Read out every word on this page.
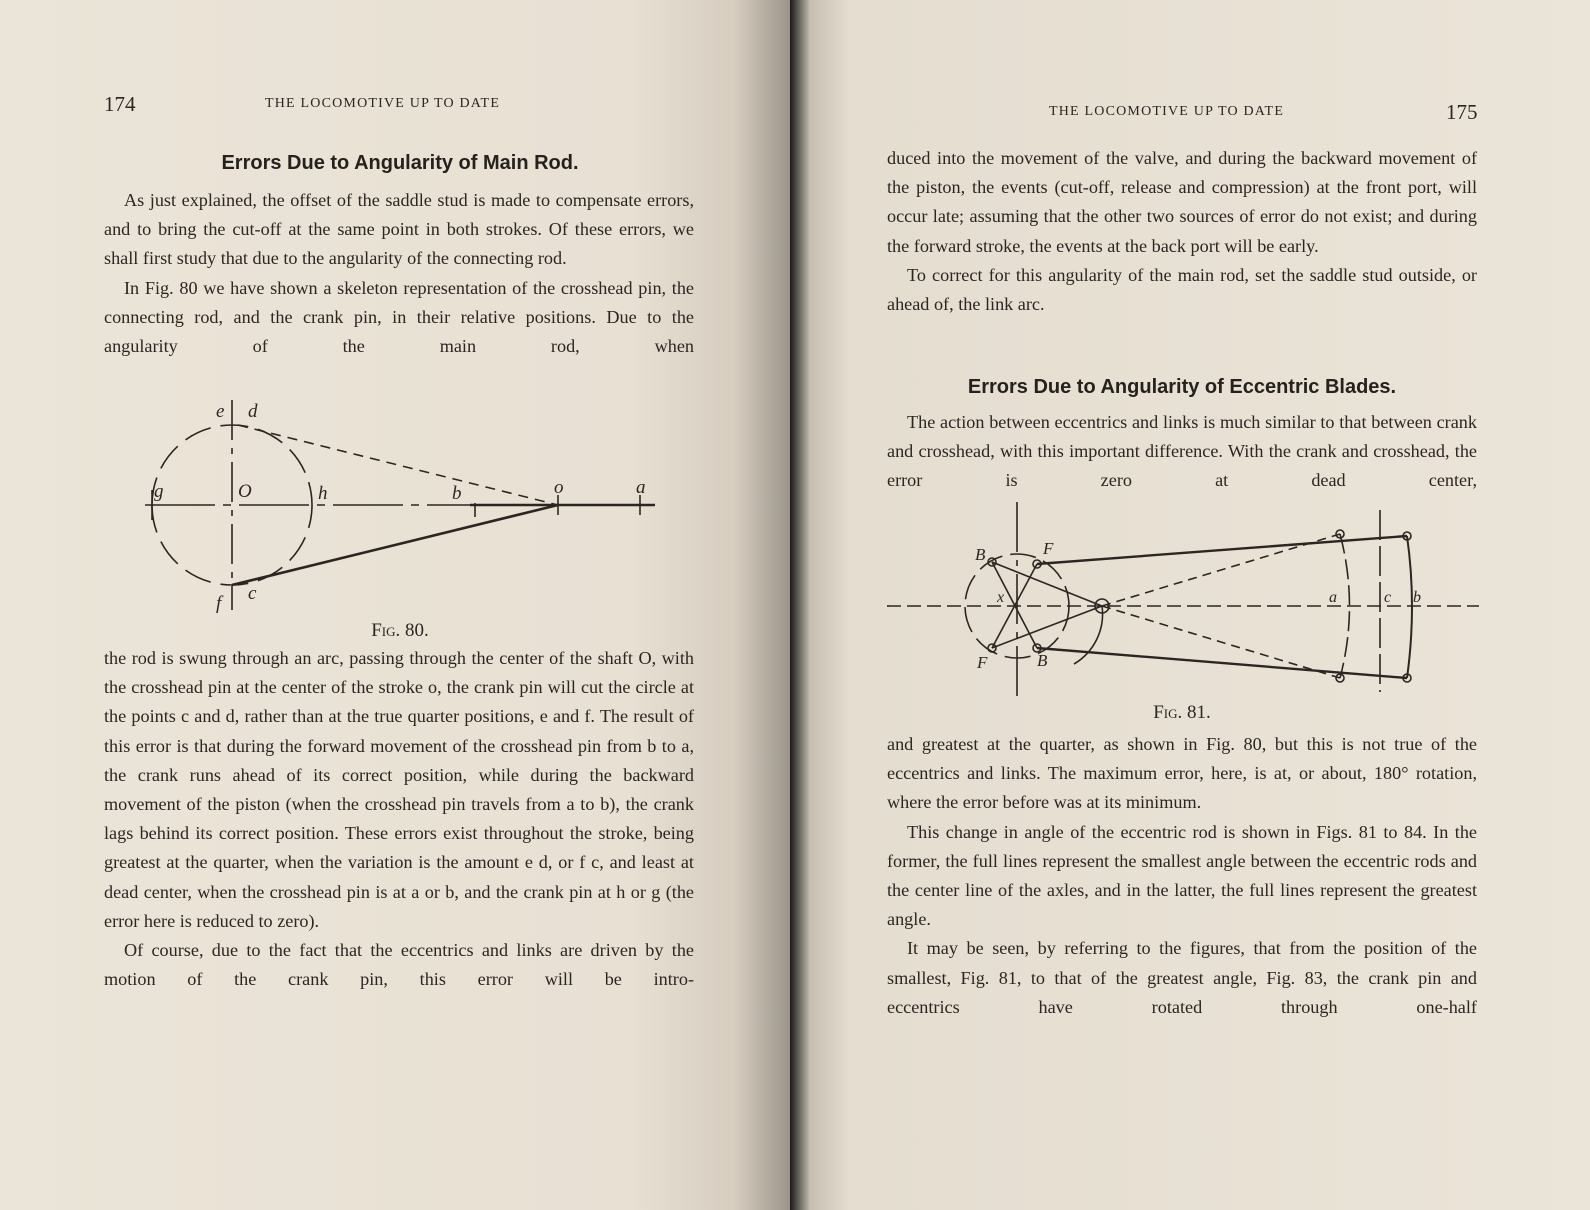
174	THE LOCOMOTIVE UP TO DATE
Errors Due to Angularity of Main Rod.

As just explained, the offset of the saddle stud is made to compensate errors, and to bring the cut-off at the same point in both strokes. Of these errors, we shall first study that due to the angularity of the connecting rod.

In Fig. 80 we have shown a skeleton representation of the crosshead pin, the connecting rod, and the crank pin, in their relative positions. Due to the angularity of the main rod, when

e d
g	O	h	b	o	a
f c
Fig. 80.

the rod is swung through an arc, passing through the center of the shaft O, with the crosshead pin at the center of the stroke o, the crank pin will cut the circle at the points c and d, rather than at the true quarter positions, e and f. The result of this error is that during the forward movement of the crosshead pin from b to a, the crank runs ahead of its correct position, while during the backward movement of the piston (when the crosshead pin travels from a to b), the crank lags behind its correct position. These errors exist throughout the stroke, being greatest at the quarter, when the variation is the amount e d, or f c, and least at dead center, when the crosshead pin is at a or b, and the crank pin at h or g (the error here is reduced to zero).

Of course, due to the fact that the eccentrics and links are driven by the motion of the crank pin, this error will be intro-

THE LOCOMOTIVE UP TO DATE	175

duced into the movement of the valve, and during the backward movement of the piston, the events (cut-off, release and compression) at the front port, will occur late; assuming that the other two sources of error do not exist; and during the forward stroke, the events at the back port will be early.

To correct for this angularity of the main rod, set the saddle stud outside, or ahead of, the link arc.

Errors Due to Angularity of Eccentric Blades.

The action between eccentrics and links is much similar to that between crank and crosshead, with this important difference. With the crank and crosshead, the error is zero at dead center,

B	F
x
F	B
a	c b
Fig. 81.

and greatest at the quarter, as shown in Fig. 80, but this is not true of the eccentrics and links. The maximum error, here, is at, or about, 180° rotation, where the error before was at its minimum.

This change in angle of the eccentric rod is shown in Figs. 81 to 84. In the former, the full lines represent the smallest angle between the eccentric rods and the center line of the axles, and in the latter, the full lines represent the greatest angle.

It may be seen, by referring to the figures, that from the position of the smallest, Fig. 81, to that of the greatest angle, Fig. 83, the crank pin and eccentrics have rotated through one-half
